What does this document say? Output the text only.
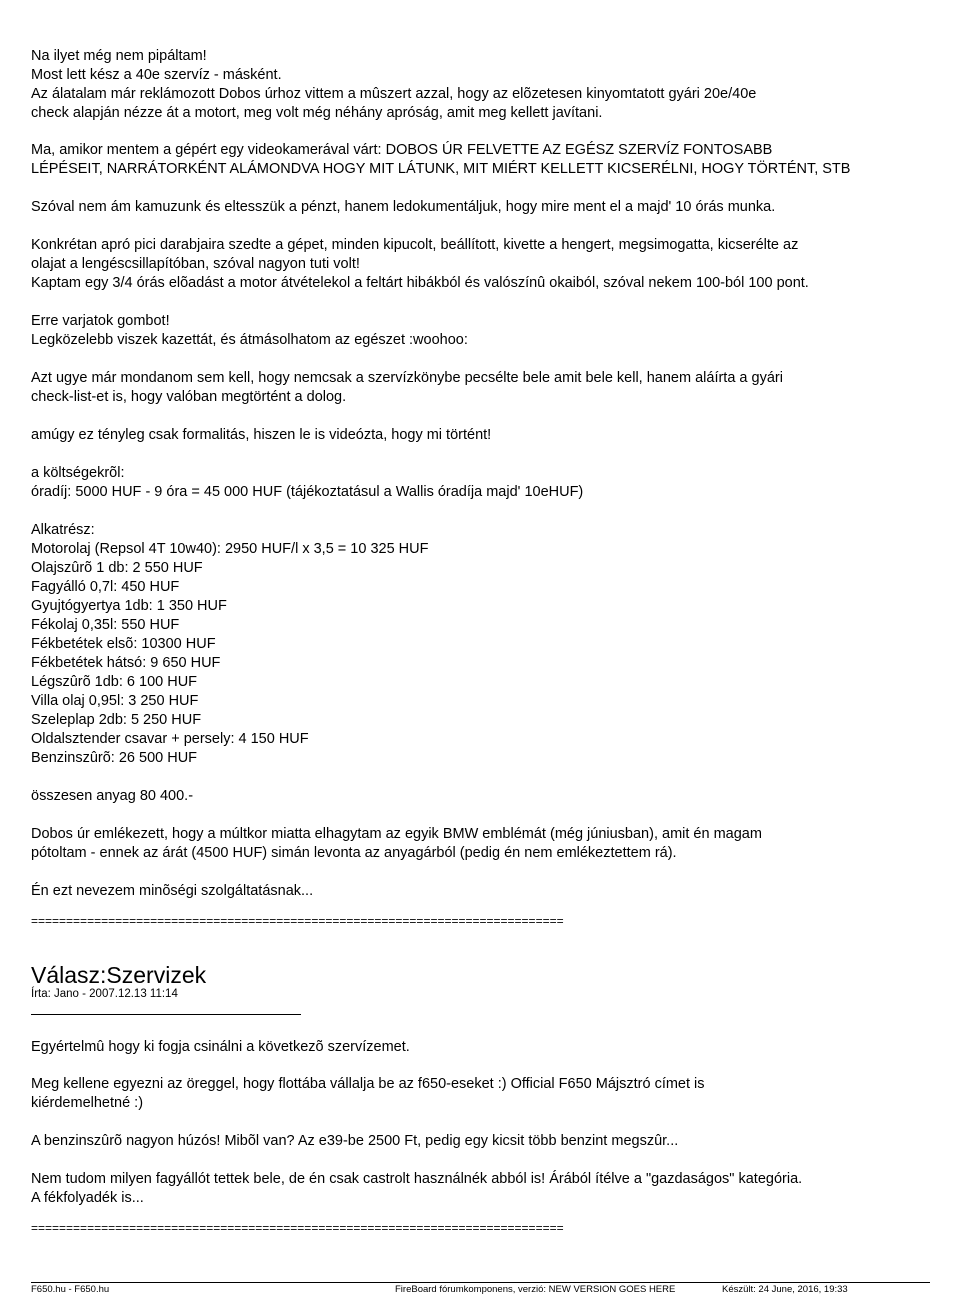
Na ilyet még nem pipáltam!
Most lett kész a 40e szervíz - másként.
Az álatalam már reklámozott Dobos úrhoz vittem a mûszert azzal, hogy az elõzetesen kinyomtatott gyári 20e/40e
check alapján nézze át a motort, meg volt még néhány apróság, amit meg kellett javítani.
Ma, amikor mentem a gépért egy videokamerával várt: DOBOS ÚR FELVETTE AZ EGÉSZ SZERVÍZ FONTOSABB
LÉPÉSEIT, NARRÁTORKÉNT ALÁMONDVA HOGY MIT LÁTUNK, MIT MIÉRT KELLETT KICSERÉLNI, HOGY TÖRTÉNT, STB
Szóval nem ám kamuzunk és eltesszük a pénzt, hanem ledokumentáljuk, hogy mire ment el a majd' 10 órás munka.
Konkrétan apró pici darabjaira szedte a gépet, minden kipucolt, beállított, kivette a hengert, megsimogatta, kicserélte az
olajat a lengéscsillapítóban, szóval nagyon tuti volt!
Kaptam egy 3/4 órás elõadást a motor átvételekol a feltárt hibákból és valószínû okaiból, szóval nekem 100-ból 100 pont.
Erre varjatok gombot!
Legközelebb viszek kazettát, és átmásolhatom az egészet :woohoo:
Azt ugye már mondanom sem kell, hogy nemcsak a szervízkönybe pecsélte bele amit bele kell, hanem aláírta a gyári
check-list-et is, hogy valóban megtörtént a dolog.
amúgy ez tényleg csak formalitás, hiszen le is videózta, hogy mi történt!
a költségekrõl:
óradíj: 5000 HUF - 9 óra = 45 000 HUF (tájékoztatásul a Wallis óradíja majd' 10eHUF)
Alkatrész:
Motorolaj (Repsol 4T 10w40): 2950 HUF/l x 3,5 = 10 325 HUF
Olajszûrõ 1 db: 2 550 HUF
Fagyálló 0,7l: 450 HUF
Gyujtógyertya 1db: 1 350 HUF
Fékolaj 0,35l: 550 HUF
Fékbetétek elsõ: 10300 HUF
Fékbetétek hátsó: 9 650 HUF
Légszûrõ 1db: 6 100 HUF
Villa olaj 0,95l: 3 250 HUF
Szeleplap 2db: 5 250 HUF
Oldalsztender csavar + persely: 4 150 HUF
Benzinszûrõ: 26 500 HUF
összesen anyag 80 400.-
Dobos úr emlékezett, hogy a múltkor miatta elhagytam az egyik BMW emblémát (még júniusban), amit én magam
pótoltam - ennek az árát (4500 HUF) simán levonta az anyagárból (pedig én nem emlékeztettem rá).
Én ezt nevezem minõségi szolgáltatásnak...
============================================================================
Válasz:Szervizek
Írta: Jano - 2007.12.13 11:14
Egyértelmû hogy ki fogja csinálni a következõ szervízemet.
Meg kellene egyezni az öreggel, hogy flottába vállalja be az f650-eseket :) Official F650 Májsztró címet is
kiérdemelhetné :)
A benzinszûrõ nagyon húzós! Mibõl van? Az e39-be 2500 Ft, pedig egy kicsit több benzint megszûr...
Nem tudom milyen fagyállót tettek bele, de én csak castrolt használnék abból is! Árából ítélve a "gazdaságos" kategória.
A fékfolyadék is...
============================================================================
F650.hu - F650.hu	FireBoard fórumkomponens, verzió: NEW VERSION GOES HERE	Készült: 24 June, 2016, 19:33
